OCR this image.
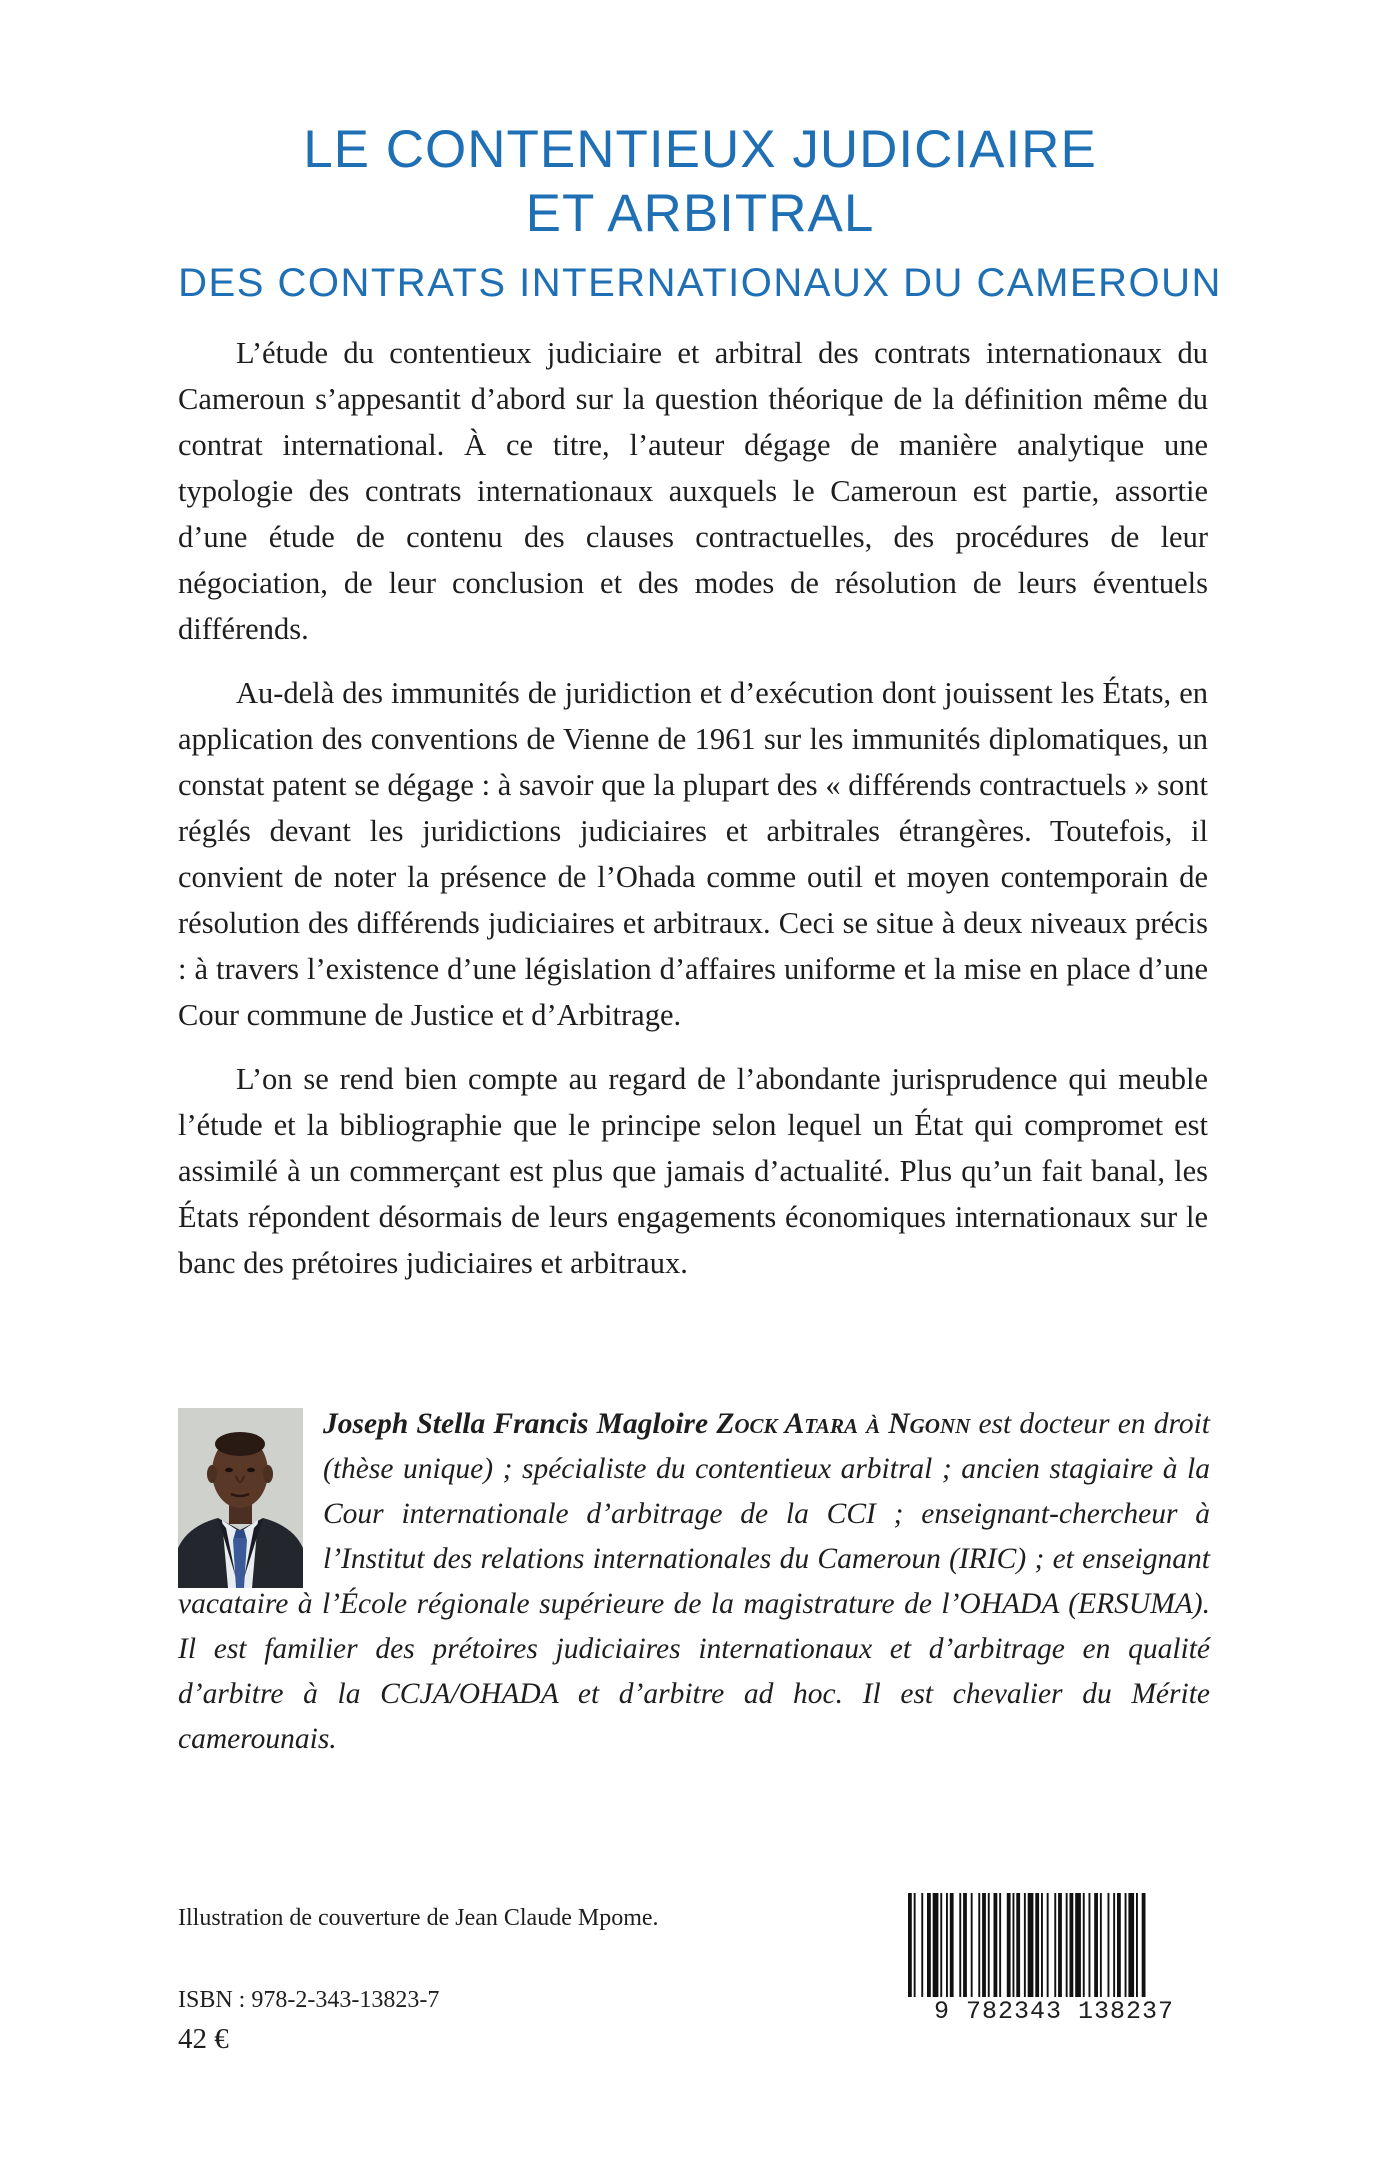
LE CONTENTIEUX JUDICIAIRE
ET ARBITRAL
DES CONTRATS INTERNATIONAUX DU CAMEROUN

L’étude du contentieux judiciaire et arbitral des contrats internationaux du Cameroun s’appesantit d’abord sur la question théorique de la définition même du contrat international. À ce titre, l’auteur dégage de manière analytique une typologie des contrats internationaux auxquels le Cameroun est partie, assortie d’une étude de contenu des clauses contractuelles, des procédures de leur négociation, de leur conclusion et des modes de résolution de leurs éventuels différends.

Au-delà des immunités de juridiction et d’exécution dont jouissent les États, en application des conventions de Vienne de 1961 sur les immunités diplomatiques, un constat patent se dégage : à savoir que la plupart des « différends contractuels » sont réglés devant les juridictions judiciaires et arbitrales étrangères. Toutefois, il convient de noter la présence de l’Ohada comme outil et moyen contemporain de résolution des différends judiciaires et arbitraux. Ceci se situe à deux niveaux précis : à travers l’existence d’une législation d’affaires uniforme et la mise en place d’une Cour commune de Justice et d’Arbitrage.

L’on se rend bien compte au regard de l’abondante jurisprudence qui meuble l’étude et la bibliographie que le principe selon lequel un État qui compromet est assimilé à un commerçant est plus que jamais d’actualité. Plus qu’un fait banal, les États répondent désormais de leurs engagements économiques internationaux sur le banc des prétoires judiciaires et arbitraux.

Joseph Stella Francis Magloire Zock Atara à Ngonn est docteur en droit (thèse unique) ; spécialiste du contentieux arbitral ; ancien stagiaire à la Cour internationale d’arbitrage de la CCI ; enseignant-chercheur à l’Institut des relations internationales du Cameroun (IRIC) ; et enseignant vacataire à l’École régionale supérieure de la magistrature de l’OHADA (ERSUMA). Il est familier des prétoires judiciaires internationaux et d’arbitrage en qualité d’arbitre à la CCJA/OHADA et d’arbitre ad hoc. Il est chevalier du Mérite camerounais.
Illustration de couverture de Jean Claude Mpome.
ISBN : 978-2-343-13823-7
42 €
9 782343 138237
